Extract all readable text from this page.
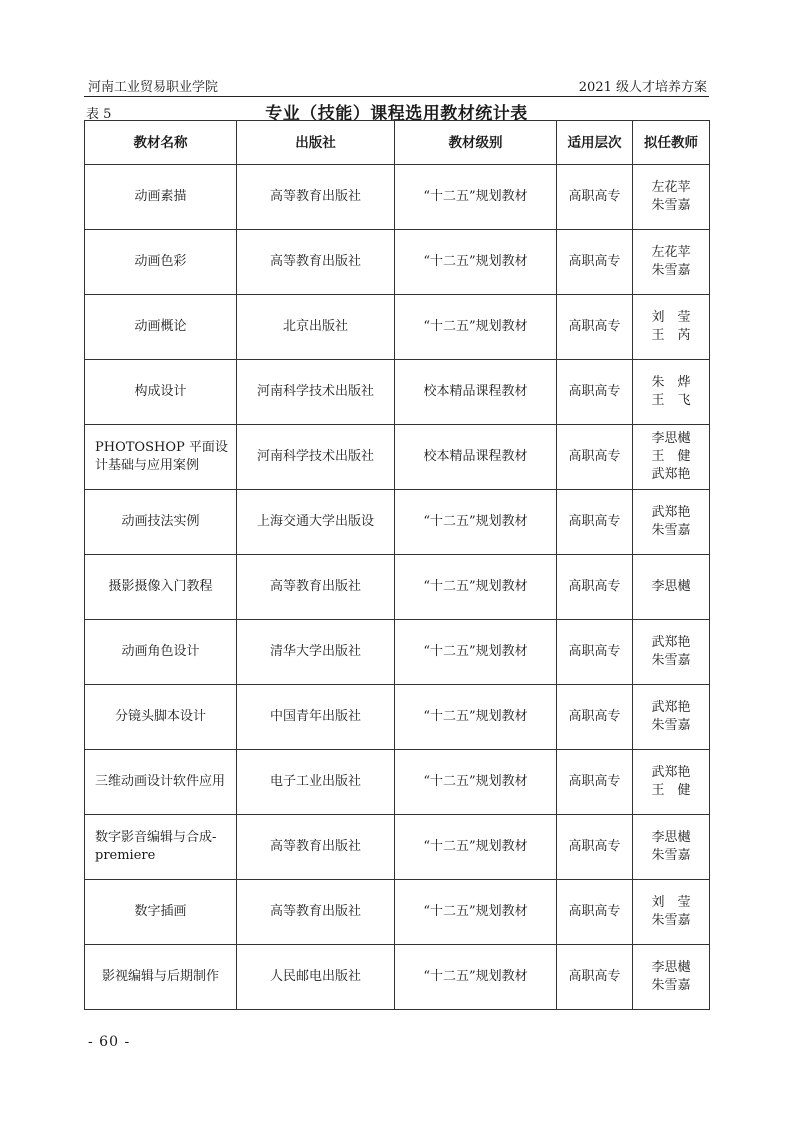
河南工业贸易职业学院	2021 级人才培养方案
表 5	专业（技能）课程选用教材统计表
教材名称	出版社	教材级别	适用层次	拟任教师
动画素描	高等教育出版社	“十二五”规划教材	高职高专	左花苹
朱雪嘉

动画色彩	高等教育出版社	“十二五”规划教材	高职高专	左花苹
朱雪嘉

动画概论	北京出版社	“十二五”规划教材	高职高专	刘　莹
王　芮

构成设计	河南科学技术出版社	校本精品课程教材	高职高专	朱　烨
王　飞

PHOTOSHOP 平面设计基础与应用案例	河南科学技术出版社	校本精品课程教材	高职高专	李思樾
王　健
武郑艳

动画技法实例	上海交通大学出版设	“十二五”规划教材	高职高专	武郑艳
朱雪嘉

摄影摄像入门教程	高等教育出版社	“十二五”规划教材	高职高专	李思樾

动画角色设计	清华大学出版社	“十二五”规划教材	高职高专	武郑艳
朱雪嘉

分镜头脚本设计	中国青年出版社	“十二五”规划教材	高职高专	武郑艳
朱雪嘉

三维动画设计软件应用	电子工业出版社	“十二五”规划教材	高职高专	武郑艳
王　健

数字影音编辑与合成-premiere	高等教育出版社	“十二五”规划教材	高职高专	李思樾
朱雪嘉

数字插画	高等教育出版社	“十二五”规划教材	高职高专	刘　莹
朱雪嘉

影视编辑与后期制作	人民邮电出版社	“十二五”规划教材	高职高专	李思樾
朱雪嘉
- 60 -
